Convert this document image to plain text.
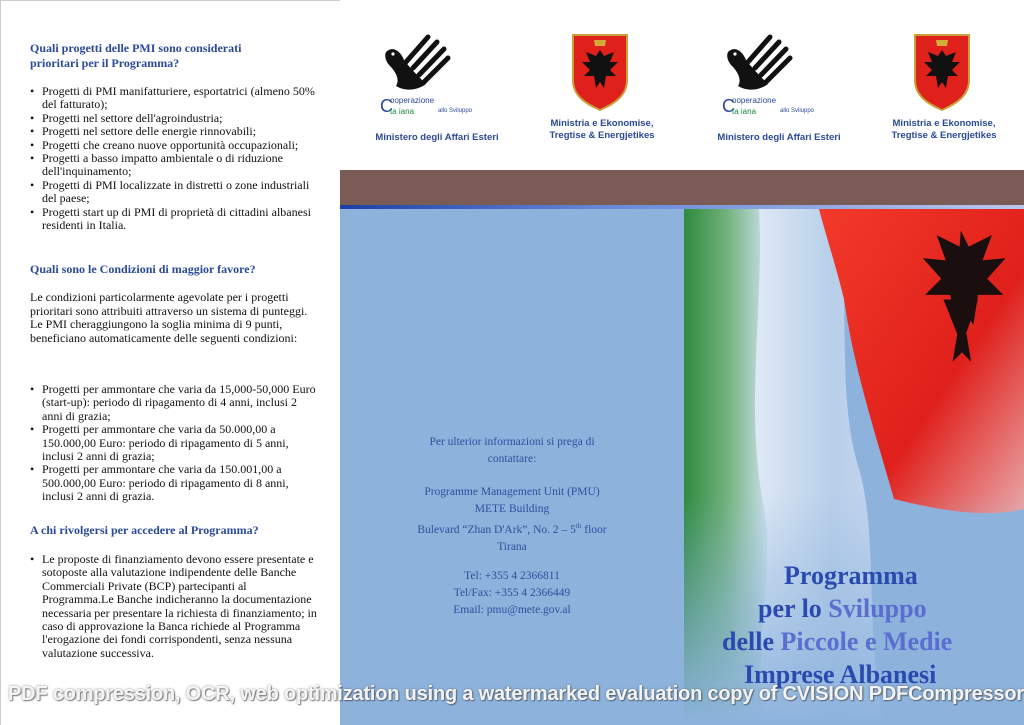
Quali progetti delle PMI sono considerati
prioritari per il Programma?
• Progetti di PMI manifatturiere, esportatrici (almeno 50% del fatturato);
• Progetti nel settore dell'agroindustria;
• Progetti nel settore delle energie rinnovabili;
• Progetti che creano nuove opportunità occupazionali;
• Progetti a basso impatto ambientale o di riduzione dell'inquinamento;
• Progetti di PMI localizzate in distretti o zone industriali del paese;
• Progetti start up di PMI di proprietà di cittadini albanesi residenti in Italia.
Quali sono le Condizioni di maggior favore?
Le condizioni particolarmente agevolate per i progetti prioritari sono attribuiti attraverso un sistema di punteggi.
Le PMI cheraggiungono la soglia minima di 9 punti, beneficiano automaticamente delle seguenti condizioni:
• Progetti per ammontare che varia da 15,000-50,000 Euro (start-up): periodo di ripagamento di 4 anni, inclusi 2 anni di grazia;
• Progetti per ammontare che varia da 50.000,00 a 150.000,00 Euro: periodo di ripagamento di 5 anni, inclusi 2 anni di grazia;
• Progetti per ammontare che varia da 150.001,00 a 500.000,00 Euro: periodo di ripagamento di 8 anni, inclusi 2 anni di grazia.
A chi rivolgersi per accedere al Programma?
• Le proposte di finanziamento devono essere presentate e sotoposte alla valutazione indipendente delle Banche Commerciali Private (BCP) partecipanti al Programma.Le Banche indicheranno la documentazione necessaria per presentare la richiesta di finanziamento; in caso di approvazione la Banca richiede al Programma l'erogazione dei fondi corrispondenti, senza nessuna valutazione successiva.
C
ooperazione
ta iana	allo Sviluppo
Ministero degli Affari Esteri
Ministria e Ekonomise,
Tregtise & Energjetikes
C
ooperazione
ta iana	allo Sviluppo
Ministero degli Affari Esteri
Ministria e Ekonomise,
Tregtise & Energjetikes
Per ulterior informazioni si prega di
contattare:
Programme Management Unit (PMU)
METE Building
Bulevard “Zhan D'Ark”, No. 2 – 5th floor
Tirana
Tel: +355 4 2366811
Tel/Fax: +355 4 2366449
Email: pmu@mete.gov.al
Programma
per lo Sviluppo
delle Piccole e Medie
Imprese Albanesi
PDF compression, OCR, web optimization using a watermarked evaluation copy of CVISION PDFCompressor
